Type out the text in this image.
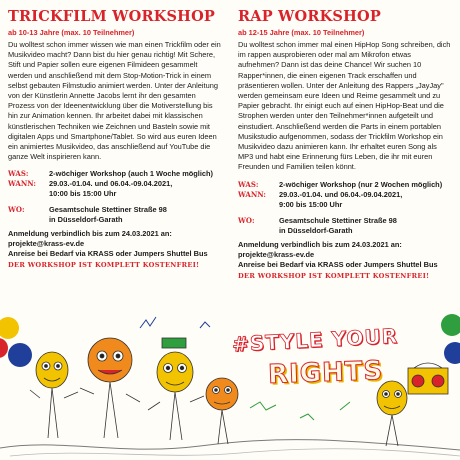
TRICKFILM WORKSHOP
ab 10-13 Jahre (max. 10 Teilnehmer)
Du wolltest schon immer wissen wie man einen Trickfilm oder ein Musikvideo macht? Dann bist du hier genau richtig! Mit Schere, Stift und Papier sollen eure eigenen Filmideen gesammelt werden und anschließend mit dem Stop-Motion-Trick in einem selbst gebauten Filmstudio animiert werden. Unter der Anleitung von der Künstlerin Annette Jacobs lernt ihr den gesamten Prozess von der Ideenentwicklung über die Motiverstellung bis hin zur Animation kennen. Ihr arbeitet dabei mit klassischen künstlerischen Techniken wie Zeichnen und Basteln sowie mit digitalen Apps und Smartphone/Tablet. So wird aus euren Ideen ein animiertes Musikvideo, das anschließend auf YouTube die ganze Welt inspirieren kann.
WAS:	2-wöchiger Workshop (auch 1 Woche möglich)
WANN:	29.03.-01.04. und 06.04.-09.04.2021,
10:00 bis 15:00 Uhr
WO:	Gesamtschule Stettiner Straße 98
in Düsseldorf-Garath
Anmeldung verbindlich bis zum 24.03.2021 an:
projekte@krass-ev.de
Anreise bei Bedarf via KRASS oder Jumpers Shuttel Bus
DER WORKSHOP IST KOMPLETT KOSTENFREI!
RAP WORKSHOP
ab 12-15 Jahre (max. 10 Teilnehmer)
Du wolltest schon immer mal einen HipHop Song schreiben, dich im rappen ausprobieren oder mal am Mikrofon etwas aufnehmen? Dann ist das deine Chance! Wir suchen 10 Rapper*innen, die einen eigenen Track erschaffen und präsentieren wollen. Unter der Anleitung des Rappers „JayJay" werden gemeinsam eure Ideen und Reime gesammelt und zu Papier gebracht. Ihr einigt euch auf einen HipHop-Beat und die Strophen werden unter den Teilnehmer*innen aufgeteilt und einstudiert. Anschließend werden die Parts in einem portablen Musikstudio aufgenommen, sodass der Trickfilm Workshop ein Musikvideo dazu animieren kann. Ihr erhaltet euren Song als MP3 und habt eine Erinnerung fürs Leben, die ihr mit euren Freunden und Familien teilen könnt.
WAS:	2-wöchiger Workshop (nur 2 Wochen möglich)
WANN:	29.03.-01.04. und 06.04.-09.04.2021,
9:00 bis 15:00 Uhr
WO:	Gesamtschule Stettiner Straße 98
in Düsseldorf-Garath
Anmeldung verbindlich bis zum 24.03.2021 an:
projekte@krass-ev.de
Anreise bei Bedarf via KRASS oder Jumpers Shuttel Bus
DER WORKSHOP IST KOMPLETT KOSTENFREI!
#STYLE YOUR
RIGHTS
